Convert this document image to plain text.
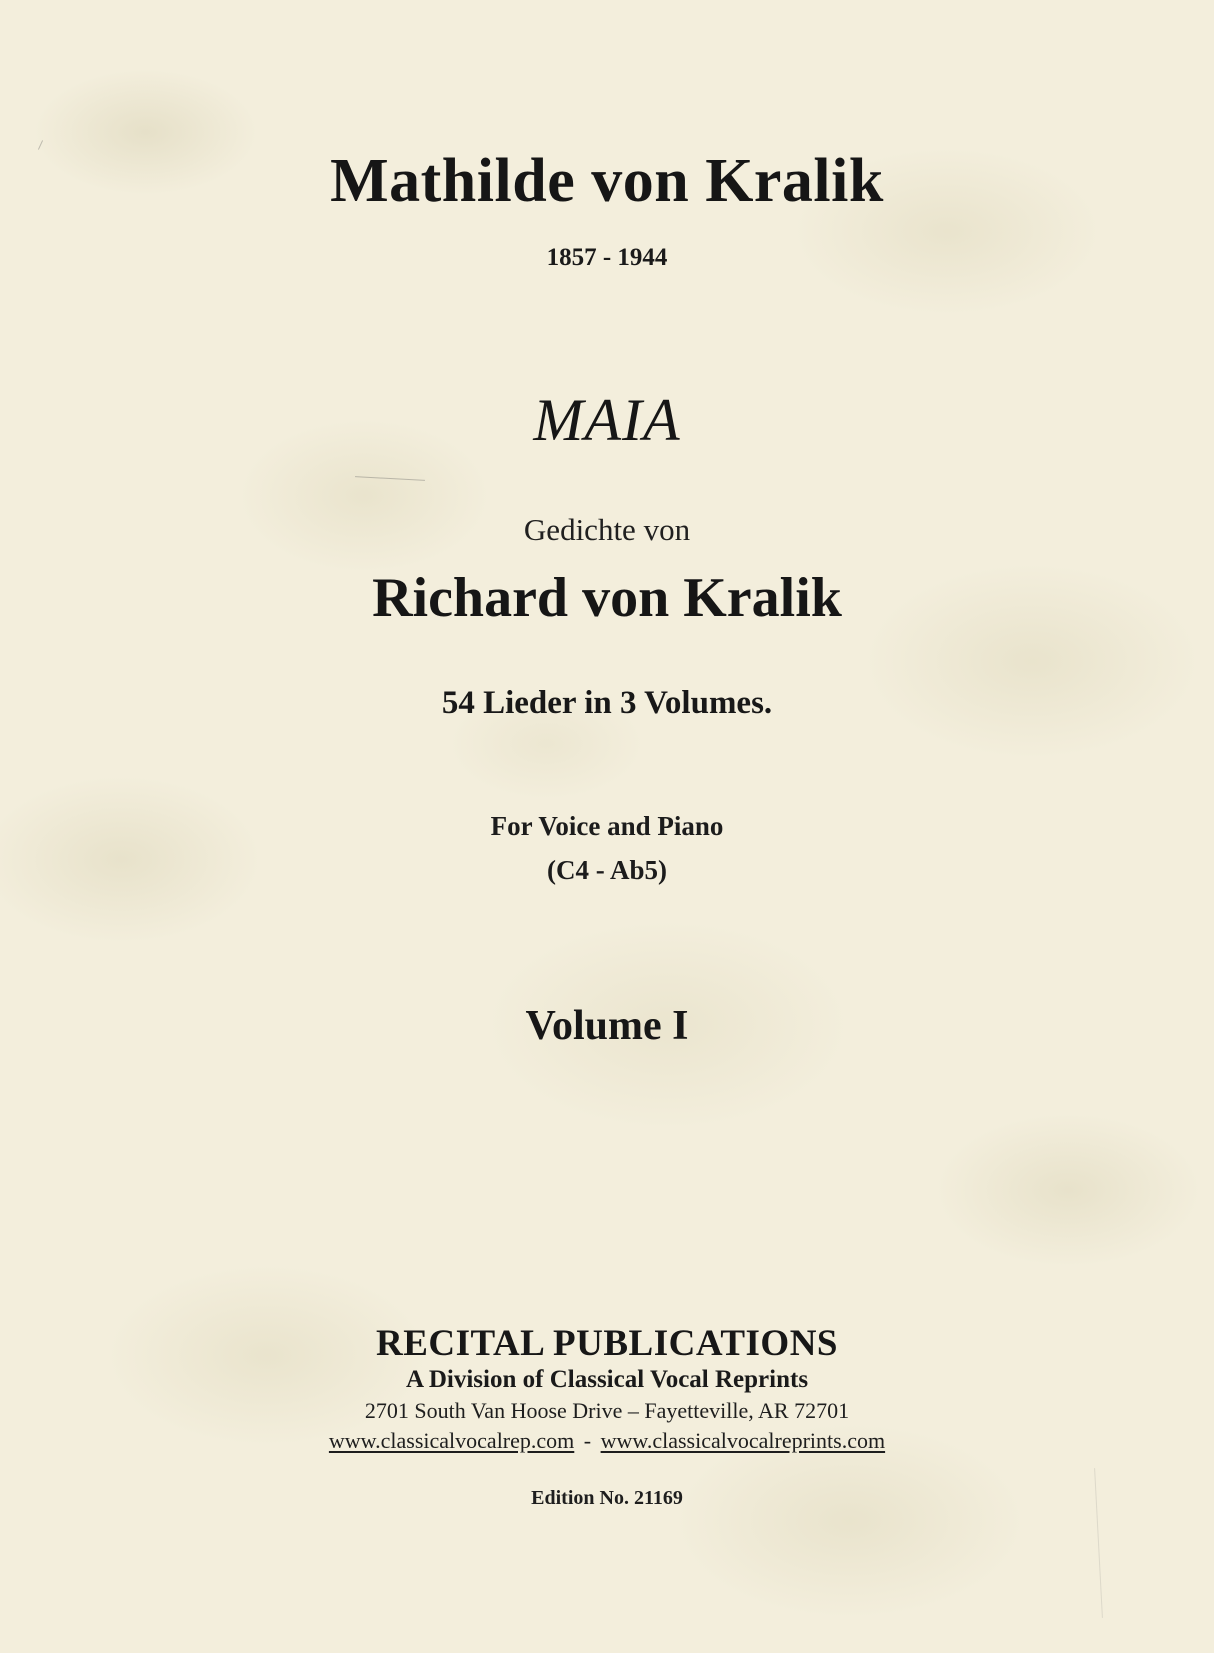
Mathilde von Kralik
1857 - 1944
MAIA
Gedichte von
Richard von Kralik
54 Lieder in 3 Volumes.
For Voice and Piano
(C4 - Ab5)
Volume I
RECITAL PUBLICATIONS
A Division of Classical Vocal Reprints
2701 South Van Hoose Drive – Fayetteville, AR 72701
www.classicalvocalrep.com - www.classicalvocalreprints.com
Edition No. 21169
